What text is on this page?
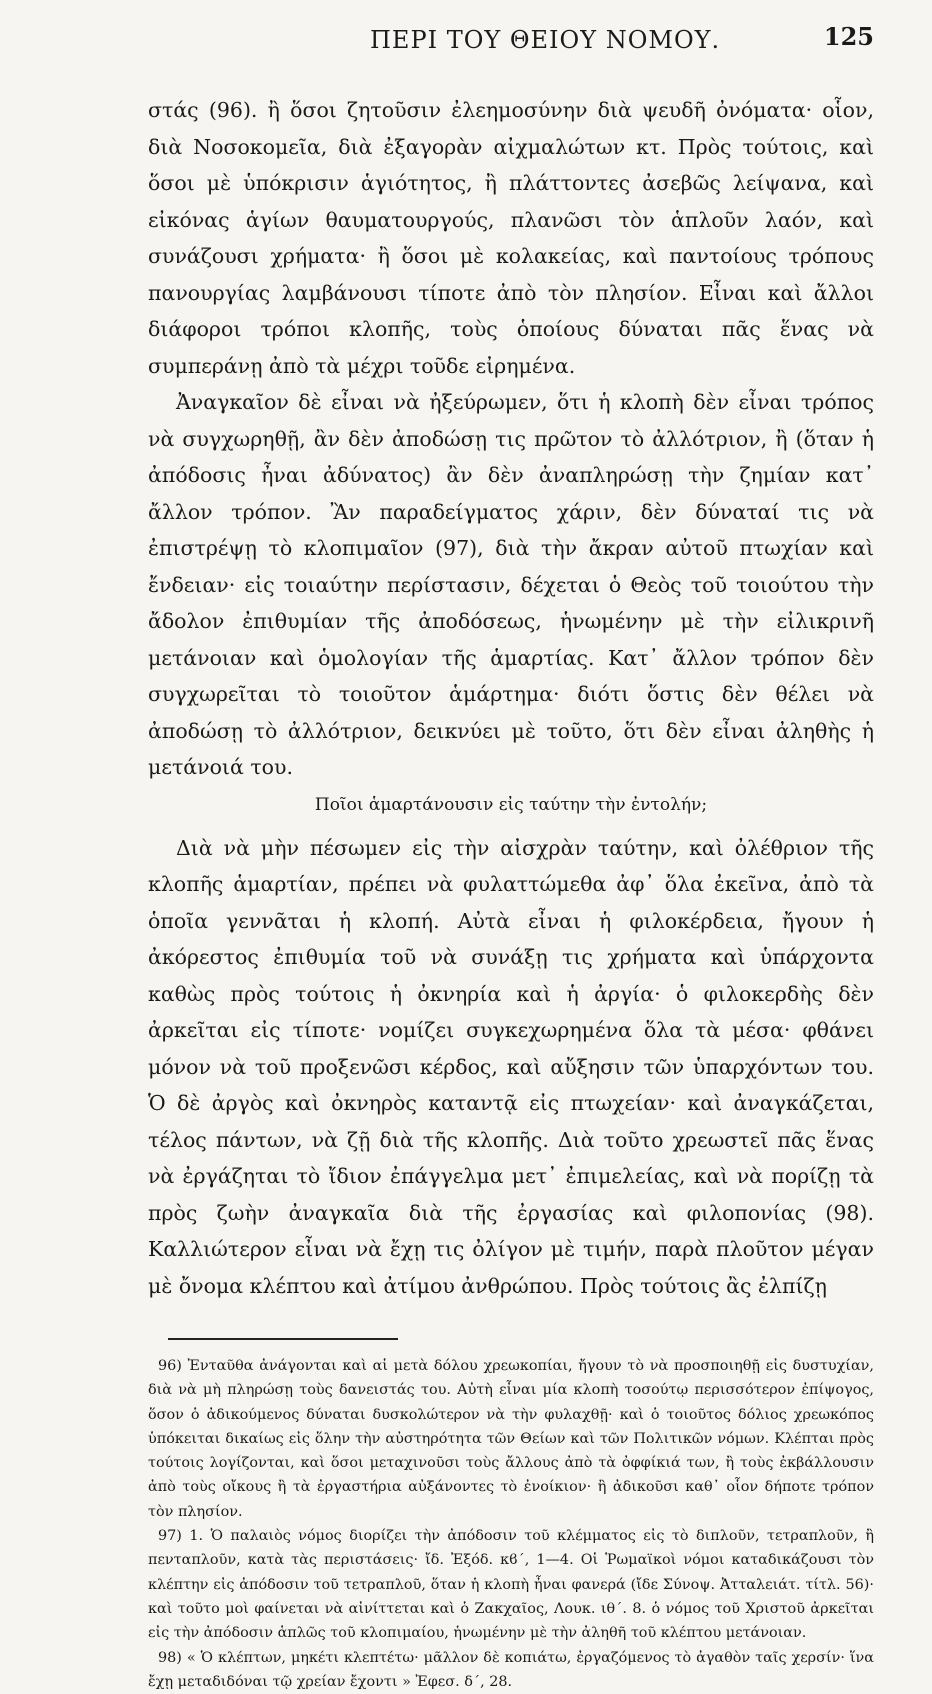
ΠΕΡΙ ΤΟΥ ΘΕΙΟΥ ΝΟΜΟΥ.	125

στάς (96). ἢ ὅσοι ζητοῦσιν ἐλεημοσύνην διὰ ψευδῆ ὀνόματα· οἷον, διὰ Νοσοκομεῖα, διὰ ἐξαγορὰν αἰχμαλώτων κτ. Πρὸς τούτοις, καὶ ὅσοι μὲ ὑπόκρισιν ἁγιότητος, ἢ πλάττοντες ἀσεβῶς λείψανα, καὶ εἰκόνας ἁγίων θαυματουργούς, πλανῶσι τὸν ἁπλοῦν λαόν, καὶ συνάζουσι χρήματα· ἢ ὅσοι μὲ κολακείας, καὶ παντοίους τρόπους πανουργίας λαμβάνουσι τίποτε ἀπὸ τὸν πλησίον. Εἶναι καὶ ἄλλοι διάφοροι τρόποι κλοπῆς, τοὺς ὁποίους δύναται πᾶς ἕνας νὰ συμπεράνῃ ἀπὸ τὰ μέχρι τοῦδε εἰρημένα.

Ἀναγκαῖον δὲ εἶναι νὰ ἠξεύρωμεν, ὅτι ἡ κλοπὴ δὲν εἶναι τρόπος νὰ συγχωρηθῇ, ἂν δὲν ἀποδώσῃ τις πρῶτον τὸ ἀλλότριον, ἢ (ὅταν ἡ ἀπόδοσις ἦναι ἀδύνατος) ἂν δὲν ἀναπληρώσῃ τὴν ζημίαν κατ᾽ ἄλλον τρόπον. Ἂν παραδείγματος χάριν, δὲν δύναταί τις νὰ ἐπιστρέψῃ τὸ κλοπιμαῖον (97), διὰ τὴν ἄκραν αὐτοῦ πτωχίαν καὶ ἔνδειαν· εἰς τοιαύτην περίστασιν, δέχεται ὁ Θεὸς τοῦ τοιούτου τὴν ἄδολον ἐπιθυμίαν τῆς ἀποδόσεως, ἡνωμένην μὲ τὴν εἰλικρινῆ μετάνοιαν καὶ ὁμολογίαν τῆς ἁμαρτίας. Κατ᾽ ἄλλον τρόπον δὲν συγχωρεῖται τὸ τοιοῦτον ἁμάρτημα· διότι ὅστις δὲν θέλει νὰ ἀποδώσῃ τὸ ἀλλότριον, δεικνύει μὲ τοῦτο, ὅτι δὲν εἶναι ἀληθὴς ἡ μετάνοιά του.

Ποῖοι ἁμαρτάνουσιν εἰς ταύτην τὴν ἐντολήν;

Διὰ νὰ μὴν πέσωμεν εἰς τὴν αἰσχρὰν ταύτην, καὶ ὀλέθριον τῆς κλοπῆς ἁμαρτίαν, πρέπει νὰ φυλαττώμεθα ἀφ᾽ ὅλα ἐκεῖνα, ἀπὸ τὰ ὁποῖα γεννᾶται ἡ κλοπή. Αὐτὰ εἶναι ἡ φιλοκέρδεια, ἤγουν ἡ ἀκόρεστος ἐπιθυμία τοῦ νὰ συνάξῃ τις χρήματα καὶ ὑπάρχοντα καθὼς πρὸς τούτοις ἡ ὀκνηρία καὶ ἡ ἀργία· ὁ φιλοκερδὴς δὲν ἀρκεῖται εἰς τίποτε· νομίζει συγκεχωρημένα ὅλα τὰ μέσα· φθάνει μόνον νὰ τοῦ προξενῶσι κέρδος, καὶ αὔξησιν τῶν ὑπαρχόντων του. Ὁ δὲ ἀργὸς καὶ ὀκνηρὸς καταντᾷ εἰς πτωχείαν· καὶ ἀναγκάζεται, τέλος πάντων, νὰ ζῇ διὰ τῆς κλοπῆς. Διὰ τοῦτο χρεωστεῖ πᾶς ἕνας νὰ ἐργάζηται τὸ ἴδιον ἐπάγγελμα μετ᾽ ἐπιμελείας, καὶ νὰ πορίζῃ τὰ πρὸς ζωὴν ἀναγκαῖα διὰ τῆς ἐργασίας καὶ φιλοπονίας (98). Καλλιώτερον εἶναι νὰ ἔχῃ τις ὀλίγον μὲ τιμήν, παρὰ πλοῦτον μέγαν μὲ ὄνομα κλέπτου καὶ ἀτίμου ἀνθρώπου. Πρὸς τούτοις ἂς ἐλπίζῃ

96) Ἐνταῦθα ἀνάγονται καὶ αἱ μετὰ δόλου χρεωκοπίαι, ἤγουν τὸ νὰ προσποιηθῇ εἰς δυστυχίαν, διὰ νὰ μὴ πληρώσῃ τοὺς δανειστάς του. Αὐτὴ εἶναι μία κλοπὴ τοσούτῳ περισσότερον ἐπίψογος, ὅσον ὁ ἀδικούμενος δύναται δυσκολώτερον νὰ τὴν φυλαχθῇ· καὶ ὁ τοιοῦτος δόλιος χρεωκόπος ὑπόκειται δικαίως εἰς ὅλην τὴν αὐστηρότητα τῶν Θείων καὶ τῶν Πολιτικῶν νόμων. Κλέπται πρὸς τούτοις λογίζονται, καὶ ὅσοι μεταχινοῦσι τοὺς ἄλλους ἀπὸ τὰ ὀφφίκιά των, ἢ τοὺς ἐκβάλλουσιν ἀπὸ τοὺς οἴκους ἢ τὰ ἐργαστήρια αὐξάνοντες τὸ ἐνοίκιον· ἢ ἀδικοῦσι καθ᾽ οἷον δήποτε τρόπον τὸν πλησίον.

97) 1. Ὁ παλαιὸς νόμος διορίζει τὴν ἀπόδοσιν τοῦ κλέμματος εἰς τὸ διπλοῦν, τετραπλοῦν, ἢ πενταπλοῦν, κατὰ τὰς περιστάσεις· ἴδ. Ἐξόδ. κϐ´, 1—4. Οἱ Ῥωμαϊκοὶ νόμοι καταδικάζουσι τὸν κλέπτην εἰς ἀπόδοσιν τοῦ τετραπλοῦ, ὅταν ἡ κλοπὴ ἦναι φανερά (ἴδε Σύνοψ. Ἀτταλειάτ. τίτλ. 56)· καὶ τοῦτο μοὶ φαίνεται νὰ αἰνίττεται καὶ ὁ Ζακχαῖος, Λουκ. ιθ´. 8. ὁ νόμος τοῦ Χριστοῦ ἀρκεῖται εἰς τὴν ἀπόδοσιν ἁπλῶς τοῦ κλοπιμαίου, ἡνωμένην μὲ τὴν ἀληθῆ τοῦ κλέπτου μετάνοιαν.

98) « Ὁ κλέπτων, μηκέτι κλεπτέτω· μᾶλλον δὲ κοπιάτω, ἐργαζόμενος τὸ ἀγαθὸν ταῖς χερσίν· ἵνα ἔχῃ μεταδιδόναι τῷ χρείαν ἔχοντι » Ἐφεσ. δ´, 28.
